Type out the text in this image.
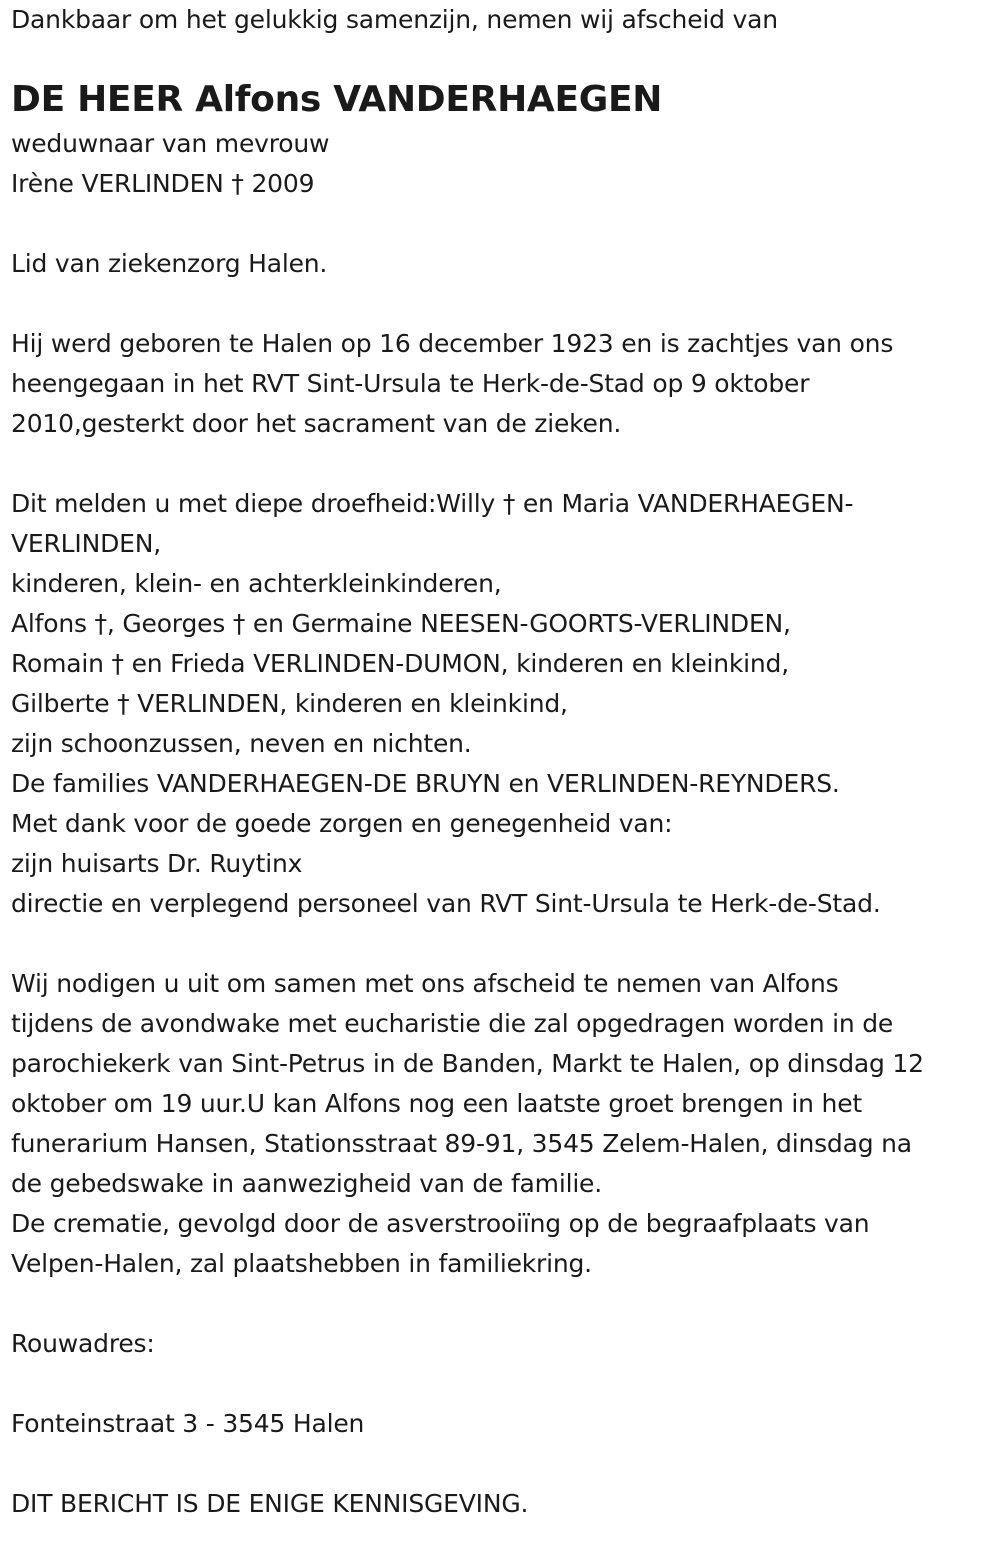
Dankbaar om het gelukkig samenzijn, nemen wij afscheid van
DE HEER Alfons VANDERHAEGEN
weduwnaar van mevrouw
Irène VERLINDEN † 2009
Lid van ziekenzorg Halen.
Hij werd geboren te Halen op 16 december 1923 en is zachtjes van ons
heengegaan in het RVT Sint-Ursula te Herk-de-Stad op 9 oktober
2010,gesterkt door het sacrament van de zieken.
Dit melden u met diepe droefheid:Willy † en Maria VANDERHAEGEN-
VERLINDEN,
kinderen, klein- en achterkleinkinderen,
Alfons †, Georges † en Germaine NEESEN-GOORTS-VERLINDEN,
Romain † en Frieda VERLINDEN-DUMON, kinderen en kleinkind,
Gilberte † VERLINDEN, kinderen en kleinkind,
zijn schoonzussen, neven en nichten.
De families VANDERHAEGEN-DE BRUYN en VERLINDEN-REYNDERS.
Met dank voor de goede zorgen en genegenheid van:
zijn huisarts Dr. Ruytinx
directie en verplegend personeel van RVT Sint-Ursula te Herk-de-Stad.
Wij nodigen u uit om samen met ons afscheid te nemen van Alfons
tijdens de avondwake met eucharistie die zal opgedragen worden in de
parochiekerk van Sint-Petrus in de Banden, Markt te Halen, op dinsdag 12
oktober om 19 uur.U kan Alfons nog een laatste groet brengen in het
funerarium Hansen, Stationsstraat 89-91, 3545 Zelem-Halen, dinsdag na
de gebedswake in aanwezigheid van de familie.
De crematie, gevolgd door de asverstrooiïng op de begraafplaats van
Velpen-Halen, zal plaatshebben in familiekring.
Rouwadres:
Fonteinstraat 3 - 3545 Halen
DIT BERICHT IS DE ENIGE KENNISGEVING.
